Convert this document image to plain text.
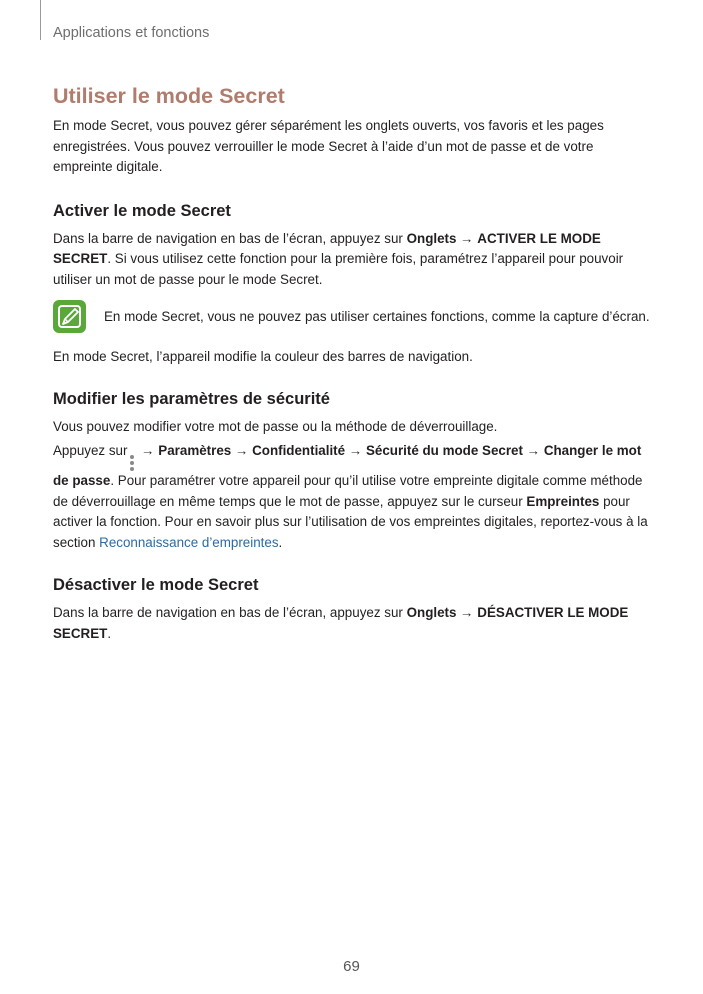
Applications et fonctions
Utiliser le mode Secret

En mode Secret, vous pouvez gérer séparément les onglets ouverts, vos favoris et les pages enregistrées. Vous pouvez verrouiller le mode Secret à l’aide d’un mot de passe et de votre empreinte digitale.

Activer le mode Secret

Dans la barre de navigation en bas de l’écran, appuyez sur Onglets → ACTIVER LE MODE SECRET. Si vous utilisez cette fonction pour la première fois, paramétrez l’appareil pour pouvoir utiliser un mot de passe pour le mode Secret.

En mode Secret, vous ne pouvez pas utiliser certaines fonctions, comme la capture d’écran.

En mode Secret, l’appareil modifie la couleur des barres de navigation.

Modifier les paramètres de sécurité

Vous pouvez modifier votre mot de passe ou la méthode de déverrouillage.

Appuyez sur
→ Paramètres → Confidentialité → Sécurité du mode Secret → Changer le mot de passe. Pour paramétrer votre appareil pour qu’il utilise votre empreinte digitale comme méthode de déverrouillage en même temps que le mot de passe, appuyez sur le curseur Empreintes pour activer la fonction. Pour en savoir plus sur l’utilisation de vos empreintes digitales, reportez-vous à la section Reconnaissance d’empreintes.

Désactiver le mode Secret

Dans la barre de navigation en bas de l’écran, appuyez sur Onglets → DÉSACTIVER LE MODE SECRET.

69
